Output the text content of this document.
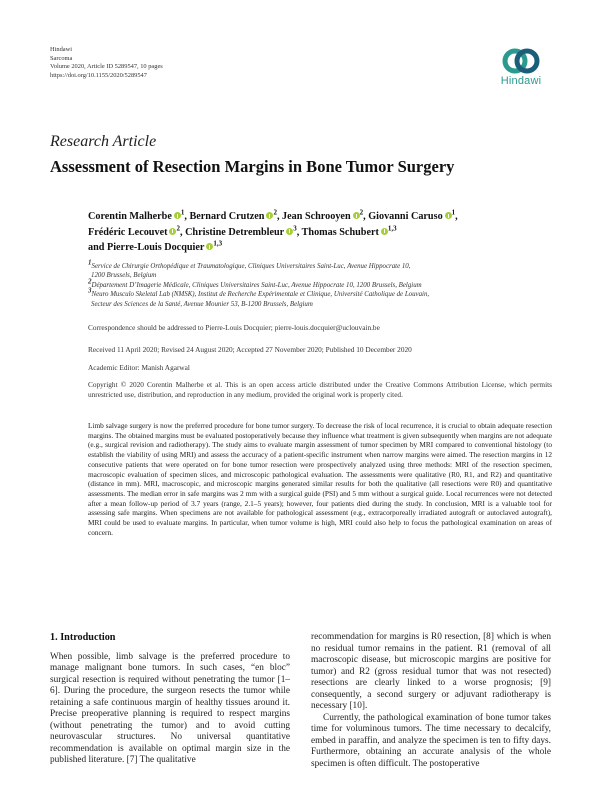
Hindawi
Sarcoma
Volume 2020, Article ID 5289547, 10 pages
https://doi.org/10.1155/2020/5289547	Hindawi
Research Article
Assessment of Resection Margins in Bone Tumor Surgery
Corentin Malherbe $^1$, Bernard Crutzen $^2$, Jean Schrooyen $^2$, Giovanni Caruso $^1$,
Frédéric Lecouvet $^2$, Christine Detrembleur $^3$, Thomas Schubert $^{1,3}$
and Pierre-Louis Docquier $^{1,3}$
1Service de Chirurgie Orthopédique et Traumatologique, Cliniques Universitaires Saint-Luc, Avenue Hippocrate 10,
1200 Brussels, Belgium
2Département D’Imagerie Médicale, Cliniques Universitaires Saint-Luc, Avenue Hippocrate 10, 1200 Brussels, Belgium
3Neuro Musculo Skeletal Lab (NMSK), Institut de Recherche Expérimentale et Clinique, Université Catholique de Louvain,
Secteur des Sciences de la Santé, Avenue Mounier 53, B-1200 Brussels, Belgium
Correspondence should be addressed to Pierre-Louis Docquier; pierre-louis.docquier@uclouvain.be
Received 11 April 2020; Revised 24 August 2020; Accepted 27 November 2020; Published 10 December 2020
Academic Editor: Manish Agarwal
Copyright © 2020 Corentin Malherbe et al. This is an open access article distributed under the Creative Commons Attribution License, which permits unrestricted use, distribution, and reproduction in any medium, provided the original work is properly cited.
Limb salvage surgery is now the preferred procedure for bone tumor surgery. To decrease the risk of local recurrence, it is crucial to obtain adequate resection margins. The obtained margins must be evaluated postoperatively because they influence what treatment is given subsequently when margins are not adequate (e.g., surgical revision and radiotherapy). The study aims to evaluate margin assessment of tumor specimen by MRI compared to conventional histology (to establish the viability of using MRI) and assess the accuracy of a patient-specific instrument when narrow margins were aimed. The resection margins in 12 consecutive patients that were operated on for bone tumor resection were prospectively analyzed using three methods: MRI of the resection specimen, macroscopic evaluation of specimen slices, and microscopic pathological evaluation. The assessments were qualitative (R0, R1, and R2) and quantitative (distance in mm). MRI, macroscopic, and microscopic margins generated similar results for both the qualitative (all resections were R0) and quantitative assessments. The median error in safe margins was 2 mm with a surgical guide (PSI) and 5 mm without a surgical guide. Local recurrences were not detected after a mean follow-up period of 3.7 years (range, 2.1–5 years); however, four patients died during the study. In conclusion, MRI is a valuable tool for assessing safe margins. When specimens are not available for pathological assessment (e.g., extracorporeally irradiated autograft or autoclaved autograft), MRI could be used to evaluate margins. In particular, when tumor volume is high, MRI could also help to focus the pathological examination on areas of concern.
1. Introduction

When possible, limb salvage is the preferred procedure to manage malignant bone tumors. In such cases, “en bloc” surgical resection is required without penetrating the tumor [1–6]. During the procedure, the surgeon resects the tumor while retaining a safe continuous margin of healthy tissues around it. Precise preoperative planning is required to respect margins (without penetrating the tumor) and to avoid cutting neurovascular structures. No universal quantitative recommendation is available on optimal margin size in the published literature. [7] The qualitative

recommendation for margins is R0 resection, [8] which is when no residual tumor remains in the patient. R1 (removal of all macroscopic disease, but microscopic margins are positive for tumor) and R2 (gross residual tumor that was not resected) resections are clearly linked to a worse prognosis; [9] consequently, a second surgery or adjuvant radiotherapy is necessary [10].

Currently, the pathological examination of bone tumor takes time for voluminous tumors. The time necessary to decalcify, embed in paraffin, and analyze the specimen is ten to fifty days. Furthermore, obtaining an accurate analysis of the whole specimen is often difficult. The postoperative
